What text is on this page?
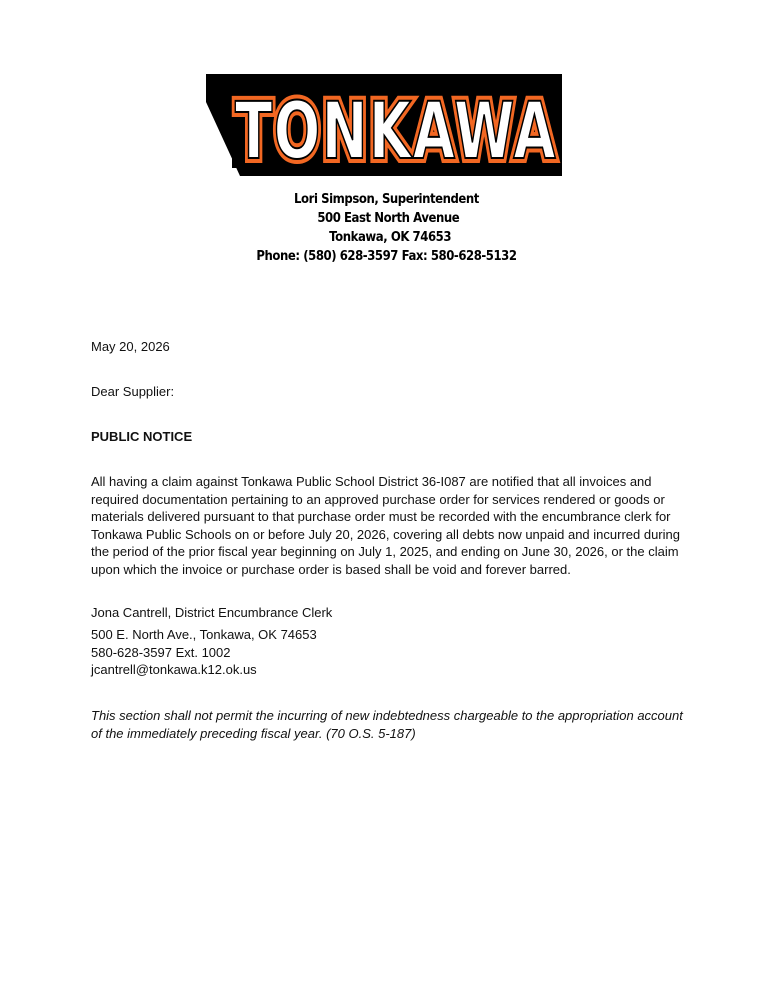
TONKAWA
TONKAWA
Lori Simpson, Superintendent
500 East North Avenue
Tonkawa, OK 74653
Phone: (580) 628-3597 Fax: 580-628-5132
May 20, 2026
Dear Supplier:
PUBLIC NOTICE
All having a claim against Tonkawa Public School District 36-I087 are notified that all invoices and required documentation pertaining to an approved purchase order for services rendered or goods or materials delivered pursuant to that purchase order must be recorded with the encumbrance clerk for Tonkawa Public Schools on or before July 20, 2026, covering all debts now unpaid and incurred during the period of the prior fiscal year beginning on July 1, 2025, and ending on June 30, 2026, or the claim upon which the invoice or purchase order is based shall be void and forever barred.
Jona Cantrell, District Encumbrance Clerk
500 E. North Ave., Tonkawa, OK 74653
580-628-3597 Ext. 1002
jcantrell@tonkawa.k12.ok.us
This section shall not permit the incurring of new indebtedness chargeable to the appropriation account of the immediately preceding fiscal year. (70 O.S. 5-187)
